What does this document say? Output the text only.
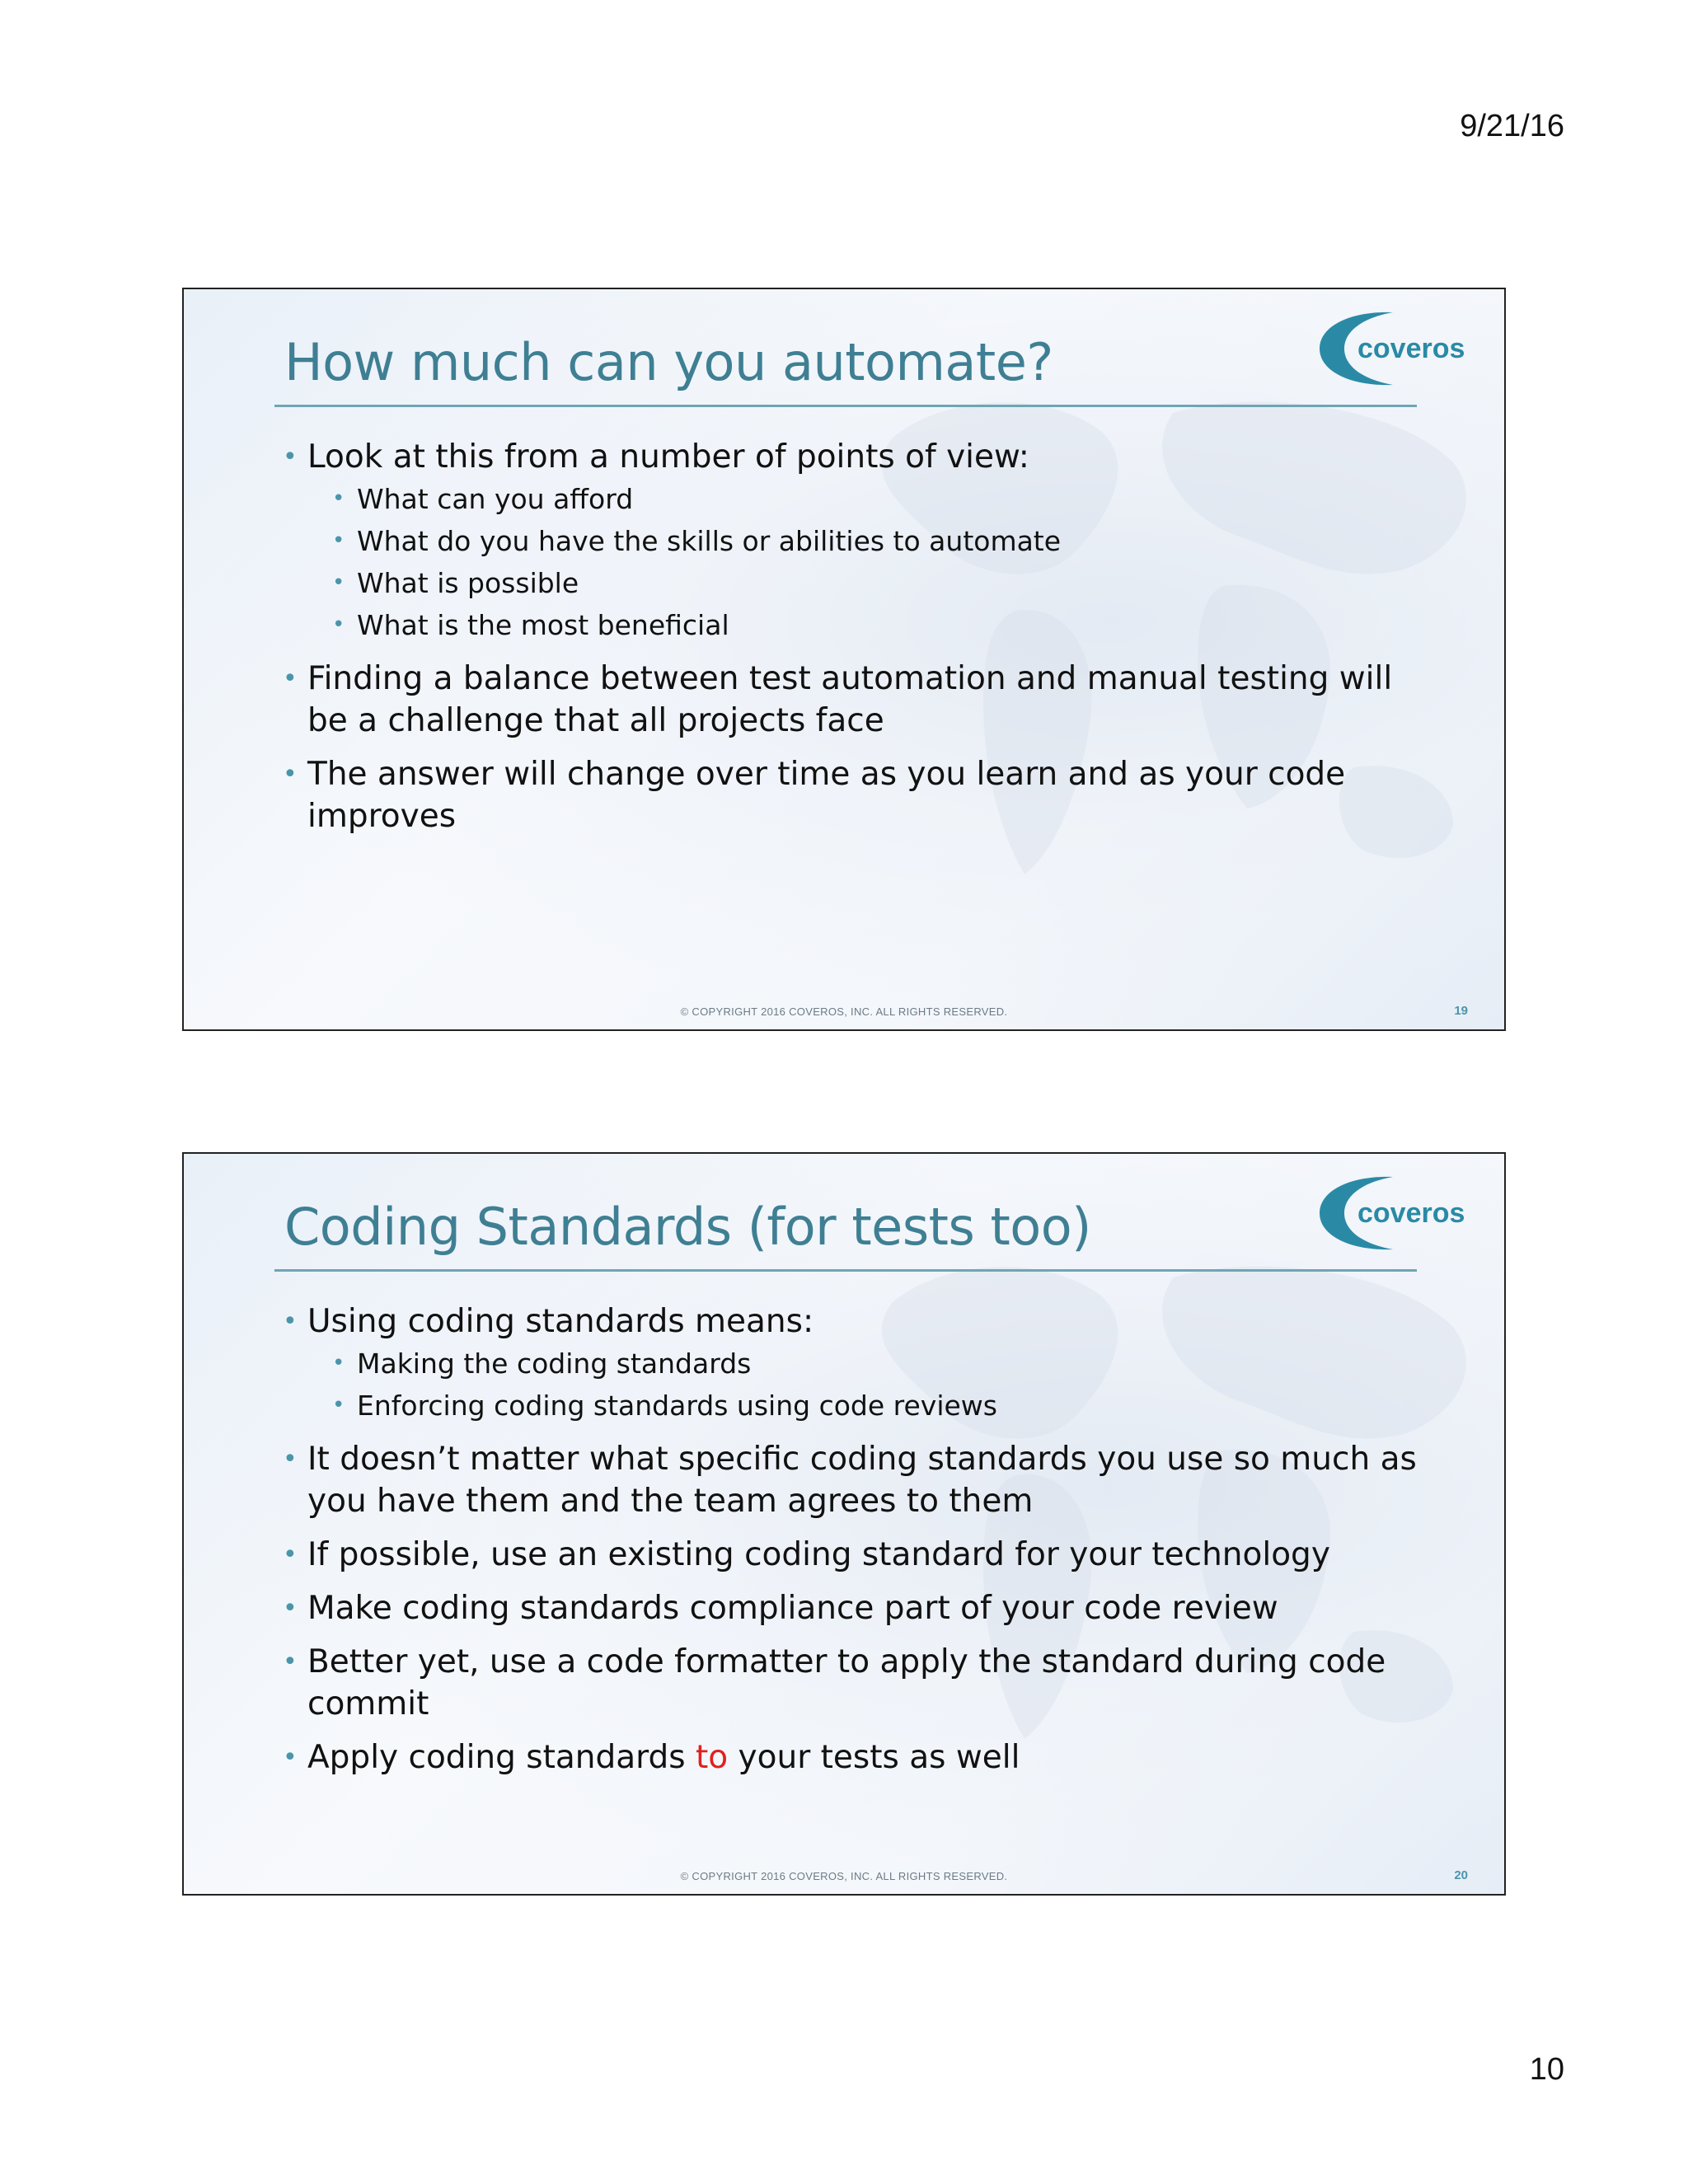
9/21/16
How much can you automate?	coveros
• Look at this from a number of points of view:
• What can you afford
• What do you have the skills or abilities to automate
• What is possible
• What is the most beneficial
• Finding a balance between test automation and manual testing will be a challenge that all projects face
• The answer will change over time as you learn and as your code improves
© COPYRIGHT 2016 COVEROS, INC. ALL RIGHTS RESERVED.	19
Coding Standards (for tests too)	coveros
• Using coding standards means:
• Making the coding standards
• Enforcing coding standards using code reviews
• It doesn’t matter what specific coding standards you use so much as you have them and the team agrees to them
• If possible, use an existing coding standard for your technology
• Make coding standards compliance part of your code review
• Better yet, use a code formatter to apply the standard during code commit
• Apply coding standards to your tests as well
© COPYRIGHT 2016 COVEROS, INC. ALL RIGHTS RESERVED.	20
10
